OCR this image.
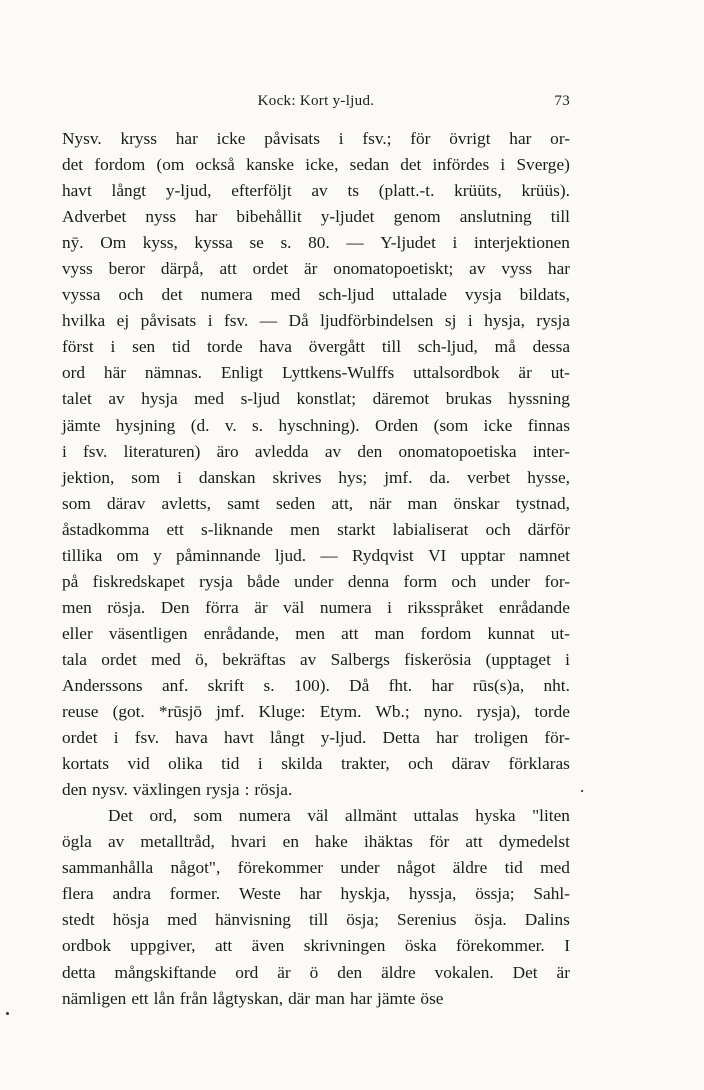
Kock: Kort y-ljud.	73
Nysv. kryss har icke påvisats i fsv.; för övrigt har or-
det fordom (om också kanske icke, sedan det infördes i Sverge)
havt långt y-ljud, efterföljt av ts (platt.-t. krüüts, krüüs).
Adverbet nyss har bibehållit y-ljudet genom anslutning till
nȳ. Om kyss, kyssa se s. 80. — Y-ljudet i interjektionen
vyss beror därpå, att ordet är onomatopoetiskt; av vyss har
vyssa och det numera med sch-ljud uttalade vysja bildats,
hvilka ej påvisats i fsv. — Då ljudförbindelsen sj i hysja, rysja
först i sen tid torde hava övergått till sch-ljud, må dessa
ord här nämnas. Enligt Lyttkens-Wulffs uttalsordbok är ut-
talet av hysja med s-ljud konstlat; däremot brukas hyssning
jämte hysjning (d. v. s. hyschning). Orden (som icke finnas
i fsv. literaturen) äro avledda av den onomatopoetiska inter-
jektion, som i danskan skrives hys; jmf. da. verbet hysse,
som därav avletts, samt seden att, när man önskar tystnad,
åstadkomma ett s-liknande men starkt labialiserat och därför
tillika om y påminnande ljud. — Rydqvist VI upptar namnet
på fiskredskapet rysja både under denna form och under for-
men rösja. Den förra är väl numera i riksspråket enrådande
eller väsentligen enrådande, men att man fordom kunnat ut-
tala ordet med ö, bekräftas av Salbergs fiskerösia (upptaget i
Anderssons anf. skrift s. 100). Då fht. har rūs(s)a, nht.
reuse (got. *rūsjō jmf. Kluge: Etym. Wb.; nyno. rysja), torde
ordet i fsv. hava havt långt y-ljud. Detta har troligen för-
kortats vid olika tid i skilda trakter, och därav förklaras
den nysv. växlingen rysja : rösja.
Det ord, som numera väl allmänt uttalas hyska "liten
ögla av metalltråd, hvari en hake ihäktas för att dymedelst
sammanhålla något", förekommer under något äldre tid med
flera andra former. Weste har hyskja, hyssja, össja; Sahl-
stedt hösja med hänvisning till ösja; Serenius ösja. Dalins
ordbok uppgiver, att även skrivningen öska förekommer. I
detta mångskiftande ord är ö den äldre vokalen. Det är
nämligen ett lån från lågtyskan, där man har jämte öse
.
